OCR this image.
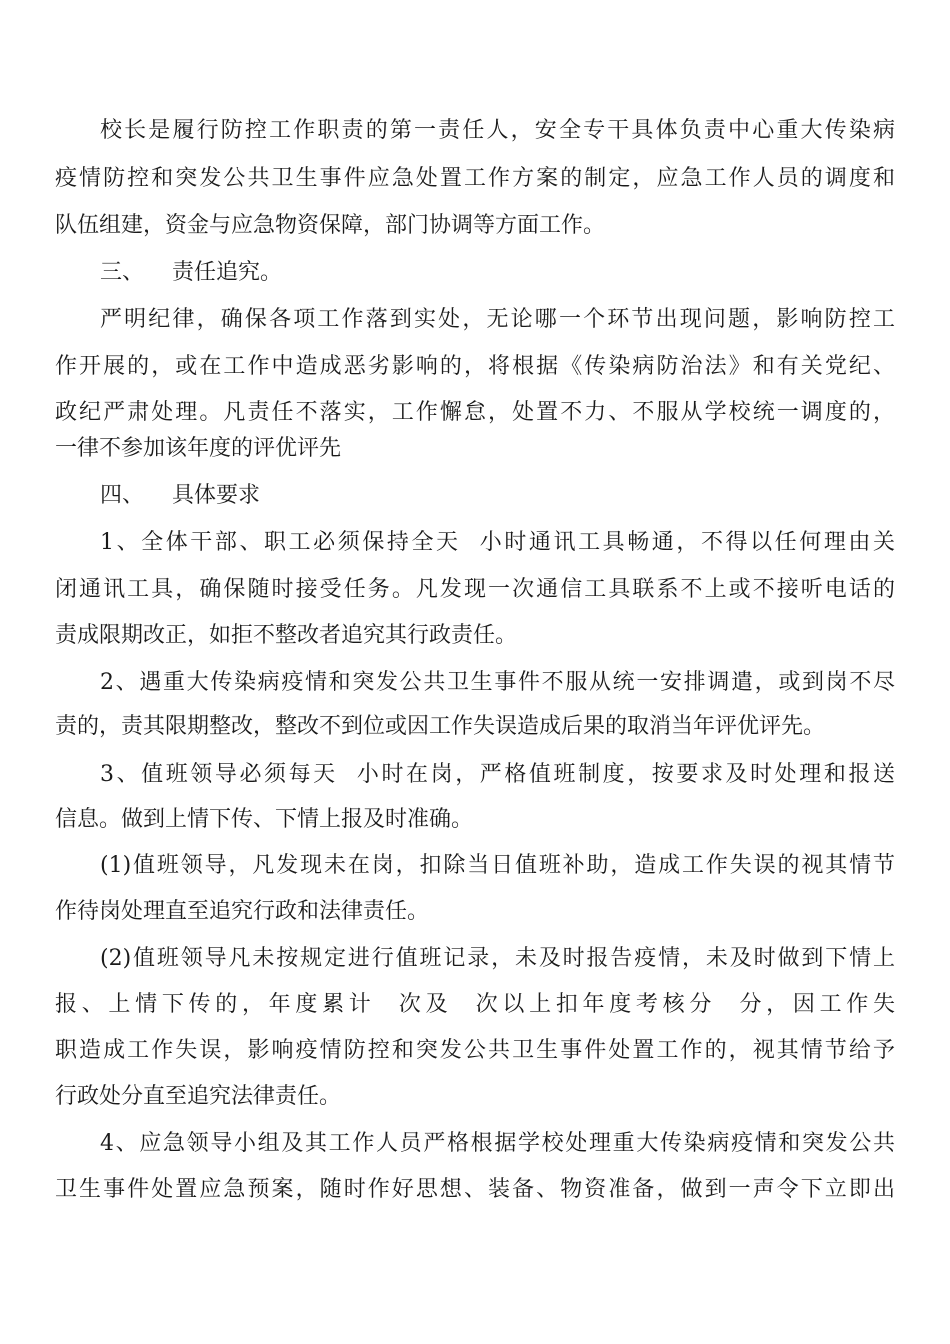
校长是履行防控工作职责的第一责任人，安全专干具体负责中心重大传染病
疫情防控和突发公共卫生事件应急处置工作方案的制定，应急工作人员的调度和
队伍组建，资金与应急物资保障，部门协调等方面工作。
三、    责任追究。
严明纪律，确保各项工作落到实处，无论哪一个环节出现问题，影响防控工
作开展的，或在工作中造成恶劣影响的，将根据《传染病防治法》和有关党纪、
政纪严肃处理。凡责任不落实，工作懈怠，处置不力、不服从学校统一调度的，
一律不参加该年度的评优评先
四、    具体要求
1、全体干部、职工必须保持全天  小时通讯工具畅通，不得以任何理由关
闭通讯工具，确保随时接受任务。凡发现一次通信工具联系不上或不接听电话的
责成限期改正，如拒不整改者追究其行政责任。
2、遇重大传染病疫情和突发公共卫生事件不服从统一安排调遣，或到岗不尽
责的，责其限期整改，整改不到位或因工作失误造成后果的取消当年评优评先。
3、值班领导必须每天  小时在岗，严格值班制度，按要求及时处理和报送
信息。做到上情下传、下情上报及时准确。
(1)值班领导，凡发现未在岗，扣除当日值班补助，造成工作失误的视其情节
作待岗处理直至追究行政和法律责任。
(2)值班领导凡未按规定进行值班记录，未及时报告疫情，未及时做到下情上
报、上情下传的，年度累计  次及  次以上扣年度考核分  分，因工作失
职造成工作失误，影响疫情防控和突发公共卫生事件处置工作的，视其情节给予
行政处分直至追究法律责任。
4、应急领导小组及其工作人员严格根据学校处理重大传染病疫情和突发公共
卫生事件处置应急预案，随时作好思想、装备、物资准备，做到一声令下立即出
